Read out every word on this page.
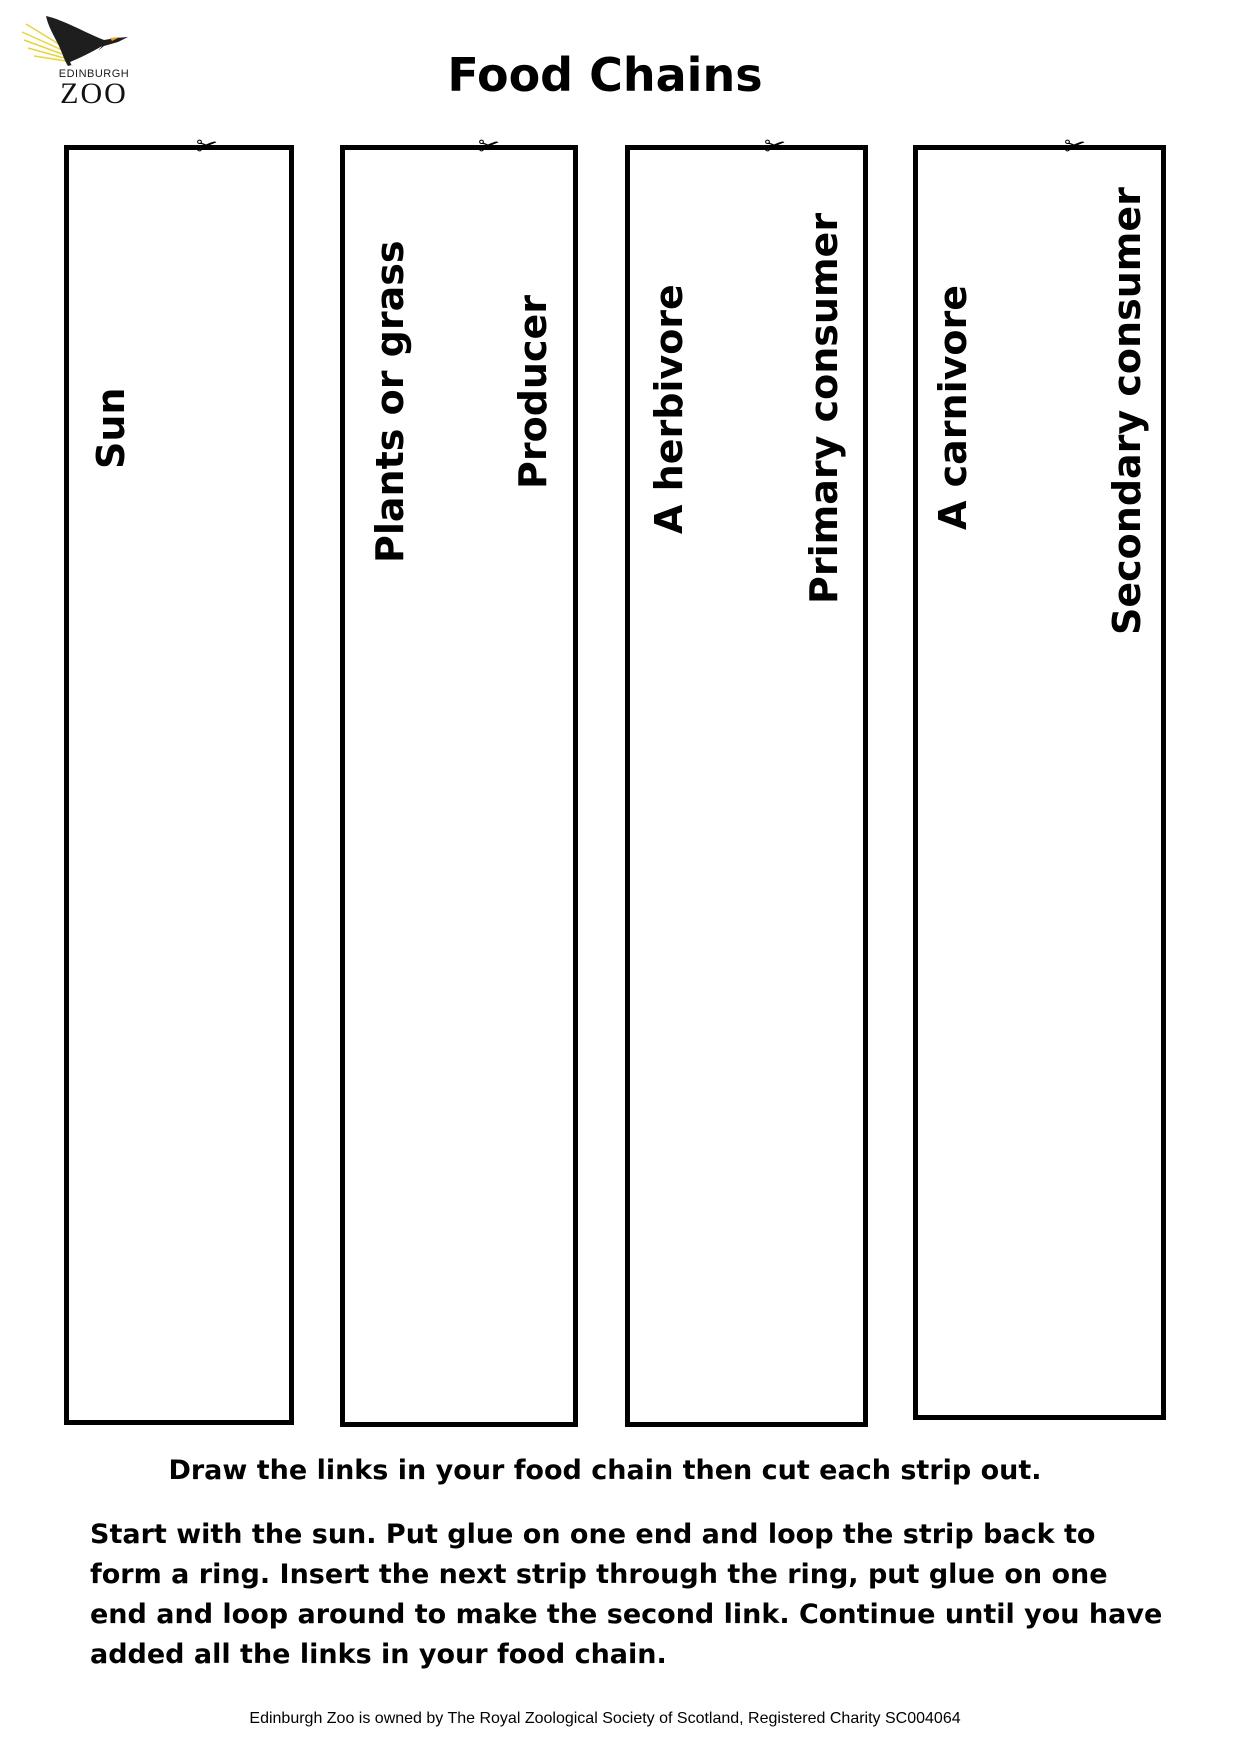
EDINBURGH
ZOO	Food Chains
✂
Sun
✂
Plants or grass	Producer
✂
A herbivore	Primary consumer
✂
A carnivore	Secondary consumer
Draw the links in your food chain then cut each strip out.
Start with the sun. Put glue on one end and loop the strip back to form a ring. Insert the next strip through the ring, put glue on one end and loop around to make the second link. Continue until you have added all the links in your food chain.
Edinburgh Zoo is owned by The Royal Zoological Society of Scotland, Registered Charity SC004064
